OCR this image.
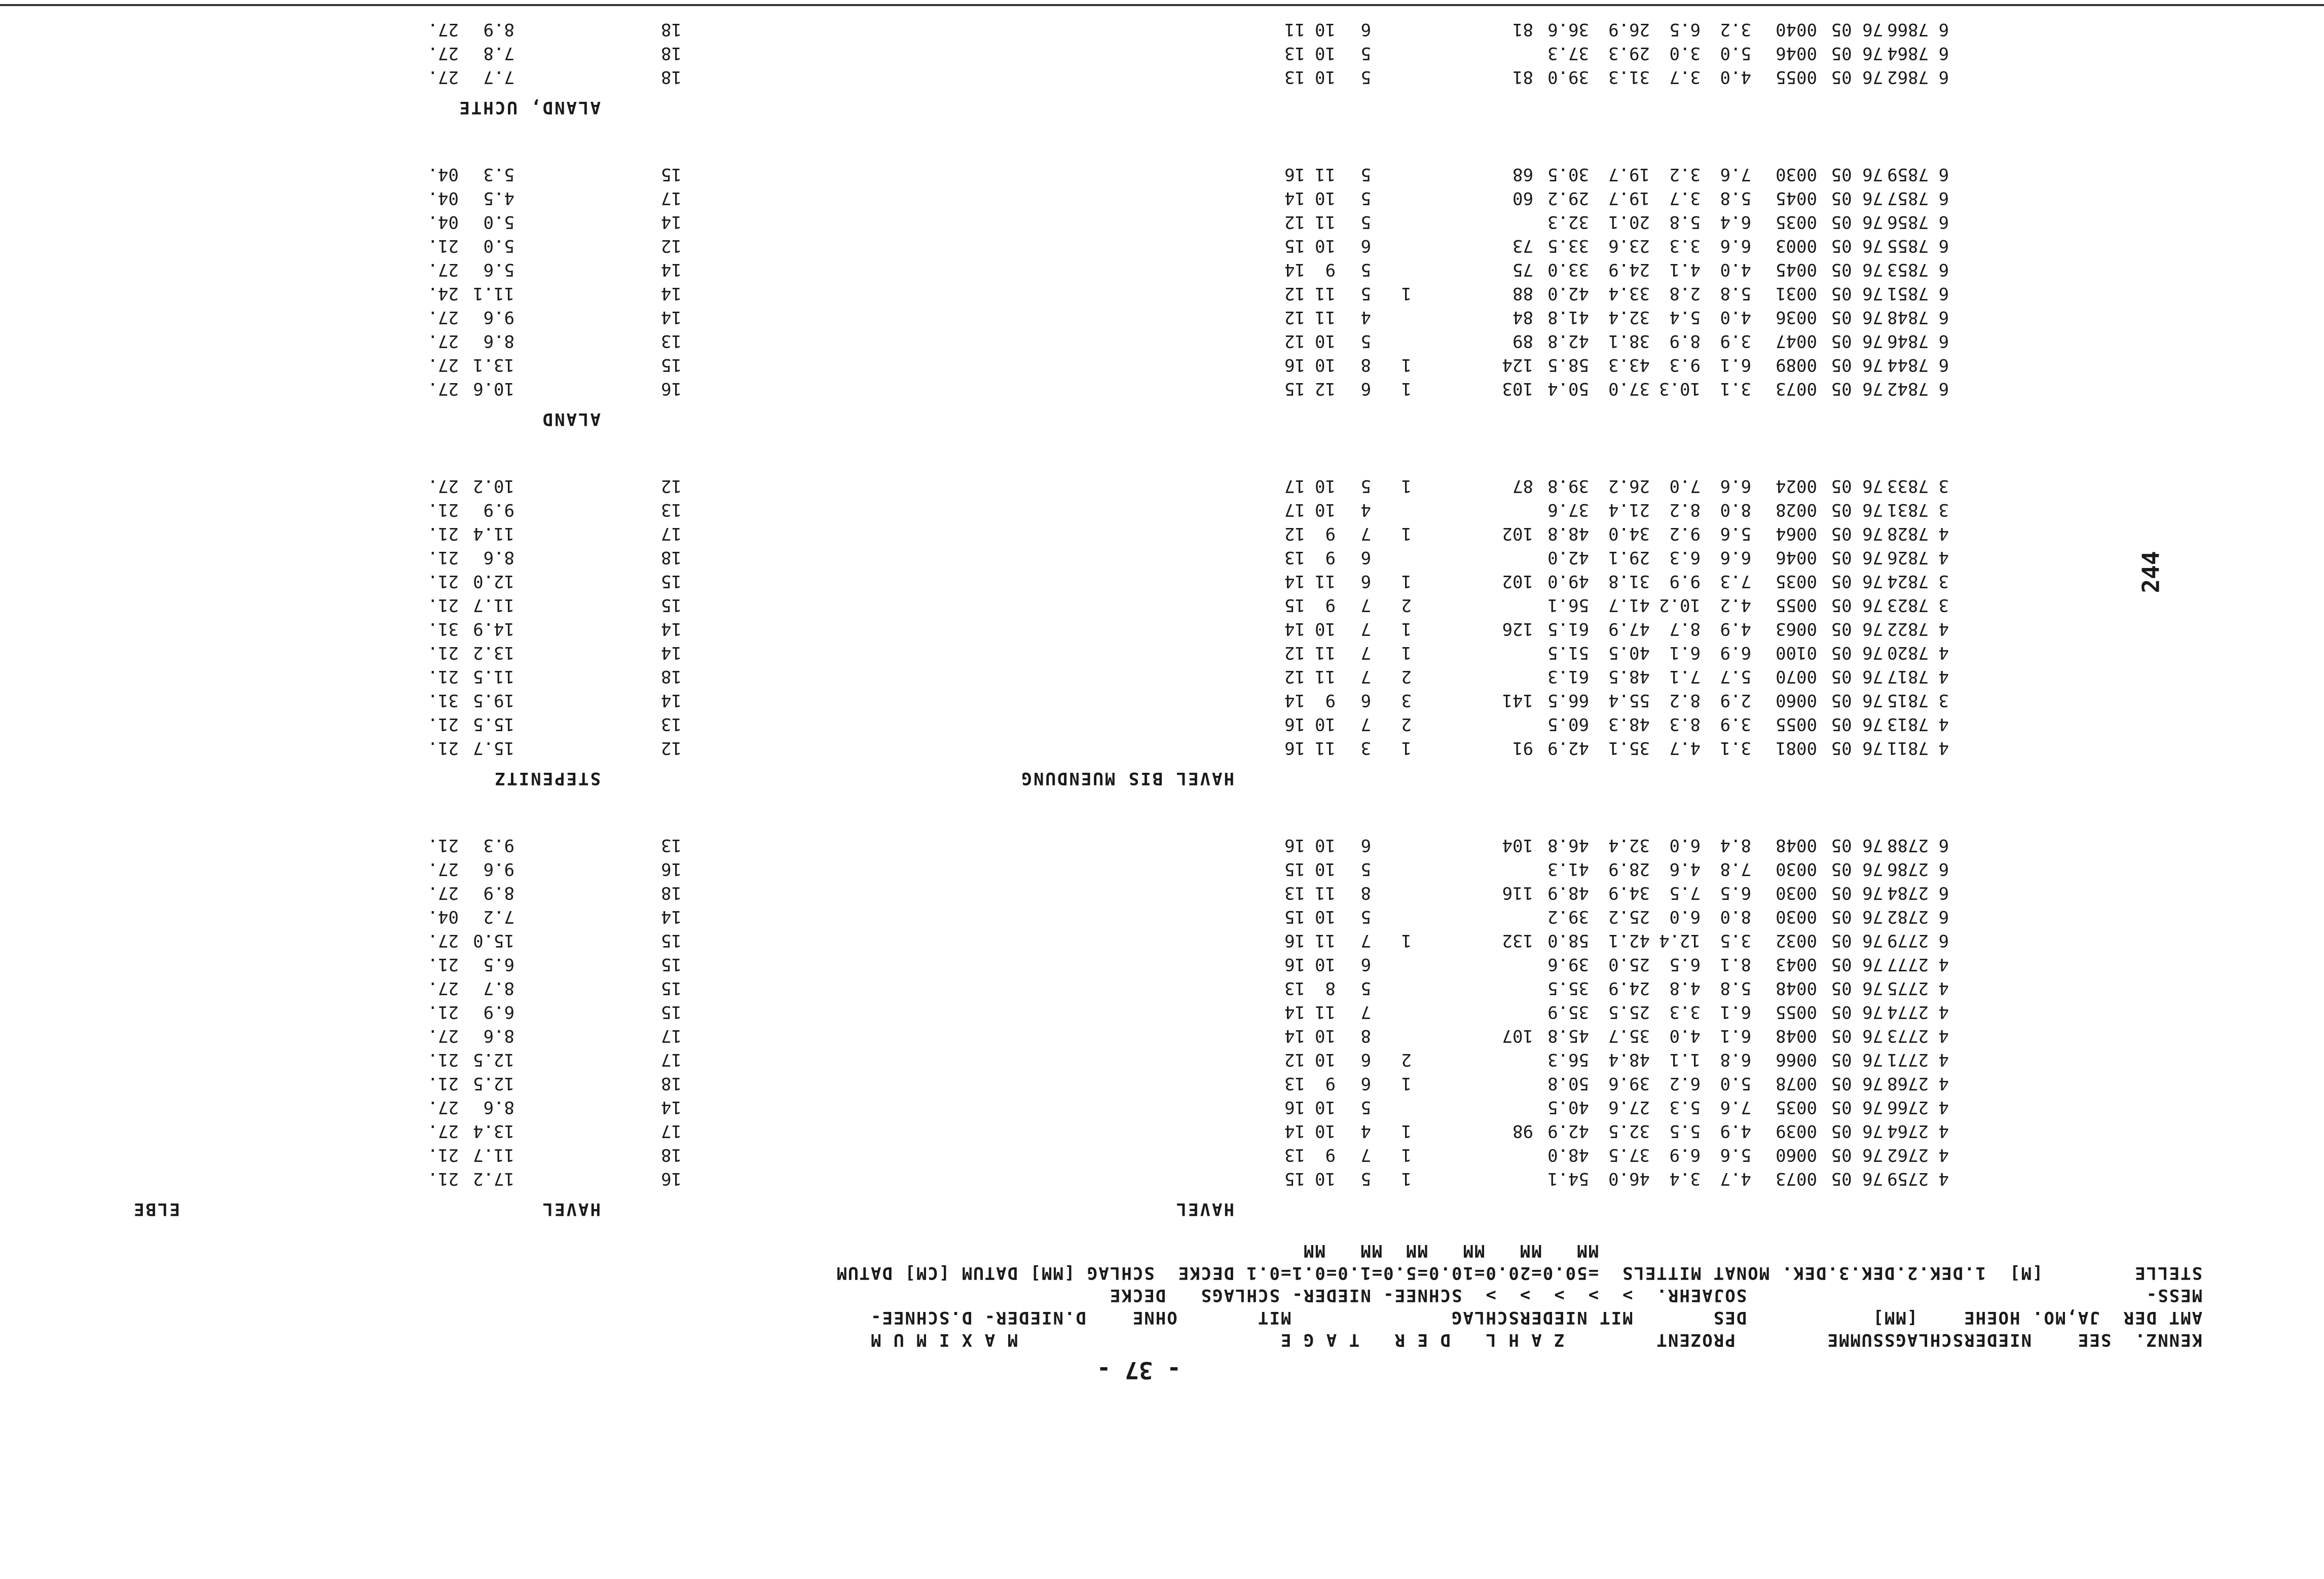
- 37 -
244
KENNZ.  SEE    NIEDERSCHLAGSSUMME        PROZENT        Z A H L   D E R   T A G E                       M A X I M U M
AMT DER  JA,MO. HOEHE    [MM]           DES       MIT NIEDERSCHLAG              MIT       OHNE    D.NIEDER- D.SCHNEE-
MESS-                                   SOJAEHR.  >  >  >  >  >  SCHNEE- NIEDER- SCHLAGS   DECKE
STELLE        [M]  1.DEK.2.DEK.3.DEK. MONAT MITTELS  =50.0=20.0=10.0=5.0=1.0=0.1=0.1 DECKE  SCHLAG [MM] DATUM [CM] DATUM
MM   MM   MM   MM  MM   MM
ELBE	HAVEL
HAVEL
4
2759
76 05
0073
4.7
3.4
46.0
54.1
1
5
10
15
16
17.2
21.
4
2762
76 05
0060
5.6
6.9
37.5
48.0
1
7
9
13
18
11.7
21.
4
2764
76 05
0039
4.9
5.5
32.5
42.9
98
1
4
10
14
17
13.4
27.
4
2766
76 05
0035
7.6
5.3
27.6
40.5
5
10
16
14
8.6
27.
4
2768
76 05
0078
5.0
6.2
39.6
50.8
1
6
9
13
18
12.5
21.
4
2771
76 05
0066
6.8
1.1
48.4
56.3
2
6
10
12
17
12.5
21.
4
2773
76 05
0048
6.1
4.0
35.7
45.8
107
8
10
14
17
8.6
27.
4
2774
76 05
0055
6.1
3.3
25.5
35.9
7
11
14
15
6.9
21.
4
2775
76 05
0048
5.8
4.8
24.9
35.5
5
8
13
15
8.7
27.
4
2777
76 05
0043
8.1
6.5
25.0
39.6
6
10
16
15
6.5
21.
6
2779
76 05
0032
3.5
12.4
42.1
58.0
132
1
7
11
16
15
15.0
27.
6
2782
76 05
0030
8.0
6.0
25.2
39.2
5
10
15
14
7.2
04.
6
2784
76 05
0030
6.5
7.5
34.9
48.9
116
8
11
13
18
8.9
27.
6
2786
76 05
0030
7.8
4.6
28.9
41.3
5
10
15
16
9.6
27.
6
2788
76 05
0048
8.4
6.0
32.4
46.8
104
6
10
16
13
9.3
21.
HAVEL BIS MUENDUNG
STEPENITZ
4
7811
76 05
0081
3.1
4.7
35.1
42.9
91
1
3
11
16
12
15.7
21.
4
7813
76 05
0055
3.9
8.3
48.3
60.5
2
7
10
16
13
15.5
21.
3
7815
76 05
0060
2.9
8.2
55.4
66.5
141
3
6
9
14
14
19.5
31.
4
7817
76 05
0070
5.7
7.1
48.5
61.3
2
7
11
12
18
11.5
21.
4
7820
76 05
0100
6.9
6.1
40.5
51.5
1
7
11
12
14
13.2
21.
4
7822
76 05
0063
4.9
8.7
47.9
61.5
126
1
7
10
14
14
14.9
31.
3
7823
76 05
0055
4.2
10.2
41.7
56.1
2
7
9
15
15
11.7
21.
3
7824
76 05
0035
7.3
9.9
31.8
49.0
102
1
6
11
14
15
12.0
21.
4
7826
76 05
0046
6.6
6.3
29.1
42.0
6
9
13
18
8.6
21.
4
7828
76 05
0064
5.6
9.2
34.0
48.8
102
1
7
9
12
17
11.4
21.
3
7831
76 05
0028
8.0
8.2
21.4
37.6
4
10
17
13
9.9
21.
3
7833
76 05
0024
6.6
7.0
26.2
39.8
87
1
5
10
17
12
10.2
27.
ALAND
6
7842
76 05
0073
3.1
10.3
37.0
50.4
103
1
6
12
15
16
10.6
27.
6
7844
76 05
0089
6.1
9.3
43.3
58.5
124
1
8
10
16
15
13.1
27.
6
7846
76 05
0047
3.9
8.9
38.1
42.8
89
5
10
12
13
8.6
27.
6
7848
76 05
0036
4.0
5.4
32.4
41.8
84
4
11
12
14
9.6
27.
6
7851
76 05
0031
5.8
2.8
33.4
42.0
88
1
5
11
12
14
11.1
24.
6
7853
76 05
0045
4.0
4.1
24.9
33.0
75
5
9
14
14
5.6
27.
6
7855
76 05
0003
6.6
3.3
23.6
33.5
73
6
10
15
12
5.0
21.
6
7856
76 05
0035
6.4
5.8
20.1
32.3
5
11
12
14
5.0
04.
6
7857
76 05
0045
5.8
3.7
19.7
29.2
60
5
10
14
17
4.5
04.
6
7859
76 05
0030
7.6
3.2
19.7
30.5
68
5
11
16
15
5.3
04.
ALAND, UCHTE
6
7862
76 05
0055
4.0
3.7
31.3
39.0
81
5
10
13
18
7.7
27.
6
7864
76 05
0046
5.0
3.0
29.3
37.3
5
10
13
18
7.8
27.
6
7866
76 05
0040
3.2
6.5
26.9
36.6
81
6
10
11
18
8.9
27.
